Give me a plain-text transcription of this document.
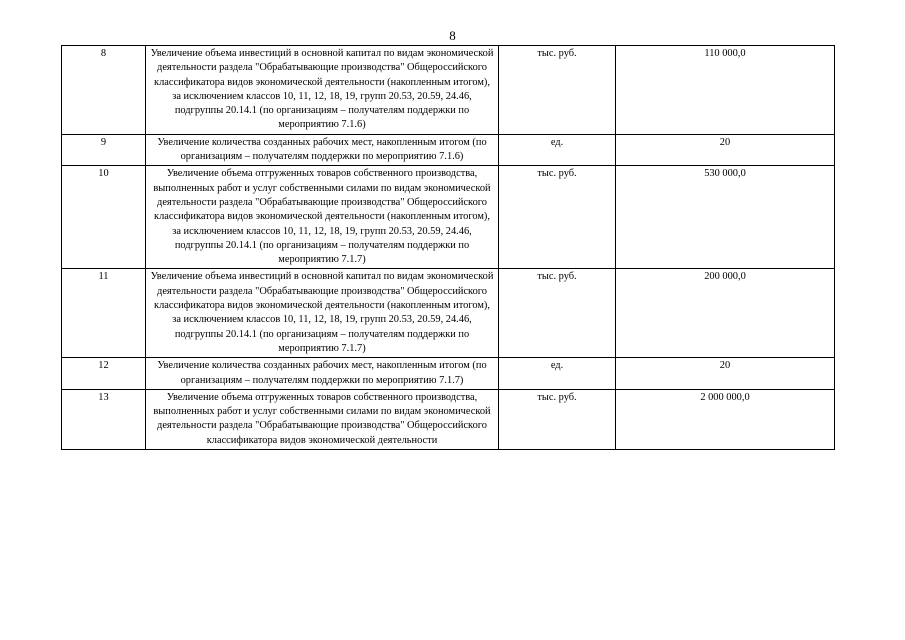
8
8	Увеличение объема инвестиций в основной капитал по видам экономической деятельности раздела "Обрабатывающие производства" Общероссийского классификатора видов экономической деятельности (накопленным итогом), за исключением классов 10, 11, 12, 18, 19, групп 20.53, 20.59, 24.46, подгруппы 20.14.1 (по организациям – получателям поддержки по мероприятию 7.1.6)	тыс. руб.	110 000,0
9	Увеличение количества созданных рабочих мест, накопленным итогом (по организациям – получателям поддержки по мероприятию 7.1.6)	ед.	20
10	Увеличение объема отгруженных товаров собственного производства, выполненных работ и услуг собственными силами по видам экономической деятельности раздела "Обрабатывающие производства" Общероссийского классификатора видов экономической деятельности (накопленным итогом), за исключением классов 10, 11, 12, 18, 19, групп 20.53, 20.59, 24.46, подгруппы 20.14.1 (по организациям – получателям поддержки по мероприятию 7.1.7)	тыс. руб.	530 000,0
11	Увеличение объема инвестиций в основной капитал по видам экономической деятельности раздела "Обрабатывающие производства" Общероссийского классификатора видов экономической деятельности (накопленным итогом), за исключением классов 10, 11, 12, 18, 19, групп 20.53, 20.59, 24.46, подгруппы 20.14.1 (по организациям – получателям поддержки по мероприятию 7.1.7)	тыс. руб.	200 000,0
12	Увеличение количества созданных рабочих мест, накопленным итогом (по организациям – получателям поддержки по мероприятию 7.1.7)	ед.	20
13	Увеличение объема отгруженных товаров собственного производства, выполненных работ и услуг собственными силами по видам экономической деятельности раздела "Обрабатывающие производства" Общероссийского классификатора видов экономической деятельности	тыс. руб.	2 000 000,0
